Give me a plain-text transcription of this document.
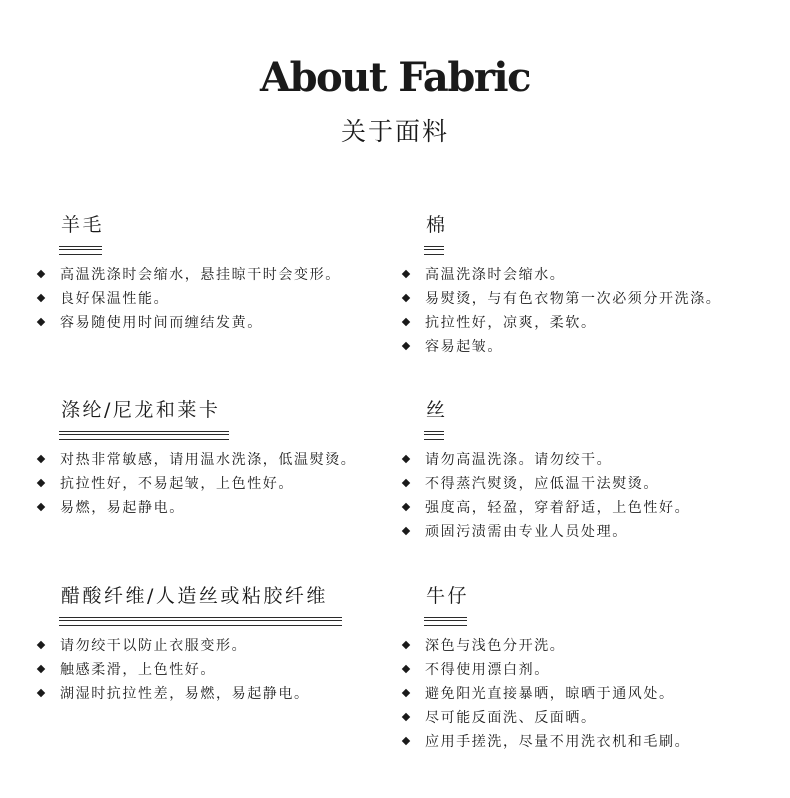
About Fabric
关于面料
羊毛
高温洗涤时会缩水，悬挂晾干时会变形。
良好保温性能。
容易随使用时间而缠结发黄。
棉
高温洗涤时会缩水。
易熨烫，与有色衣物第一次必须分开洗涤。
抗拉性好，凉爽，柔软。
容易起皱。
涤纶/尼龙和莱卡
对热非常敏感，请用温水洗涤，低温熨烫。
抗拉性好，不易起皱，上色性好。
易燃，易起静电。
丝
请勿高温洗涤。请勿绞干。
不得蒸汽熨烫，应低温干法熨烫。
强度高，轻盈，穿着舒适，上色性好。
顽固污渍需由专业人员处理。
醋酸纤维/人造丝或粘胶纤维
请勿绞干以防止衣服变形。
触感柔滑，上色性好。
湖湿时抗拉性差，易燃，易起静电。
牛仔
深色与浅色分开洗。
不得使用漂白剂。
避免阳光直接暴晒，晾晒于通风处。
尽可能反面洗、反面晒。
应用手搓洗，尽量不用洗衣机和毛刷。
